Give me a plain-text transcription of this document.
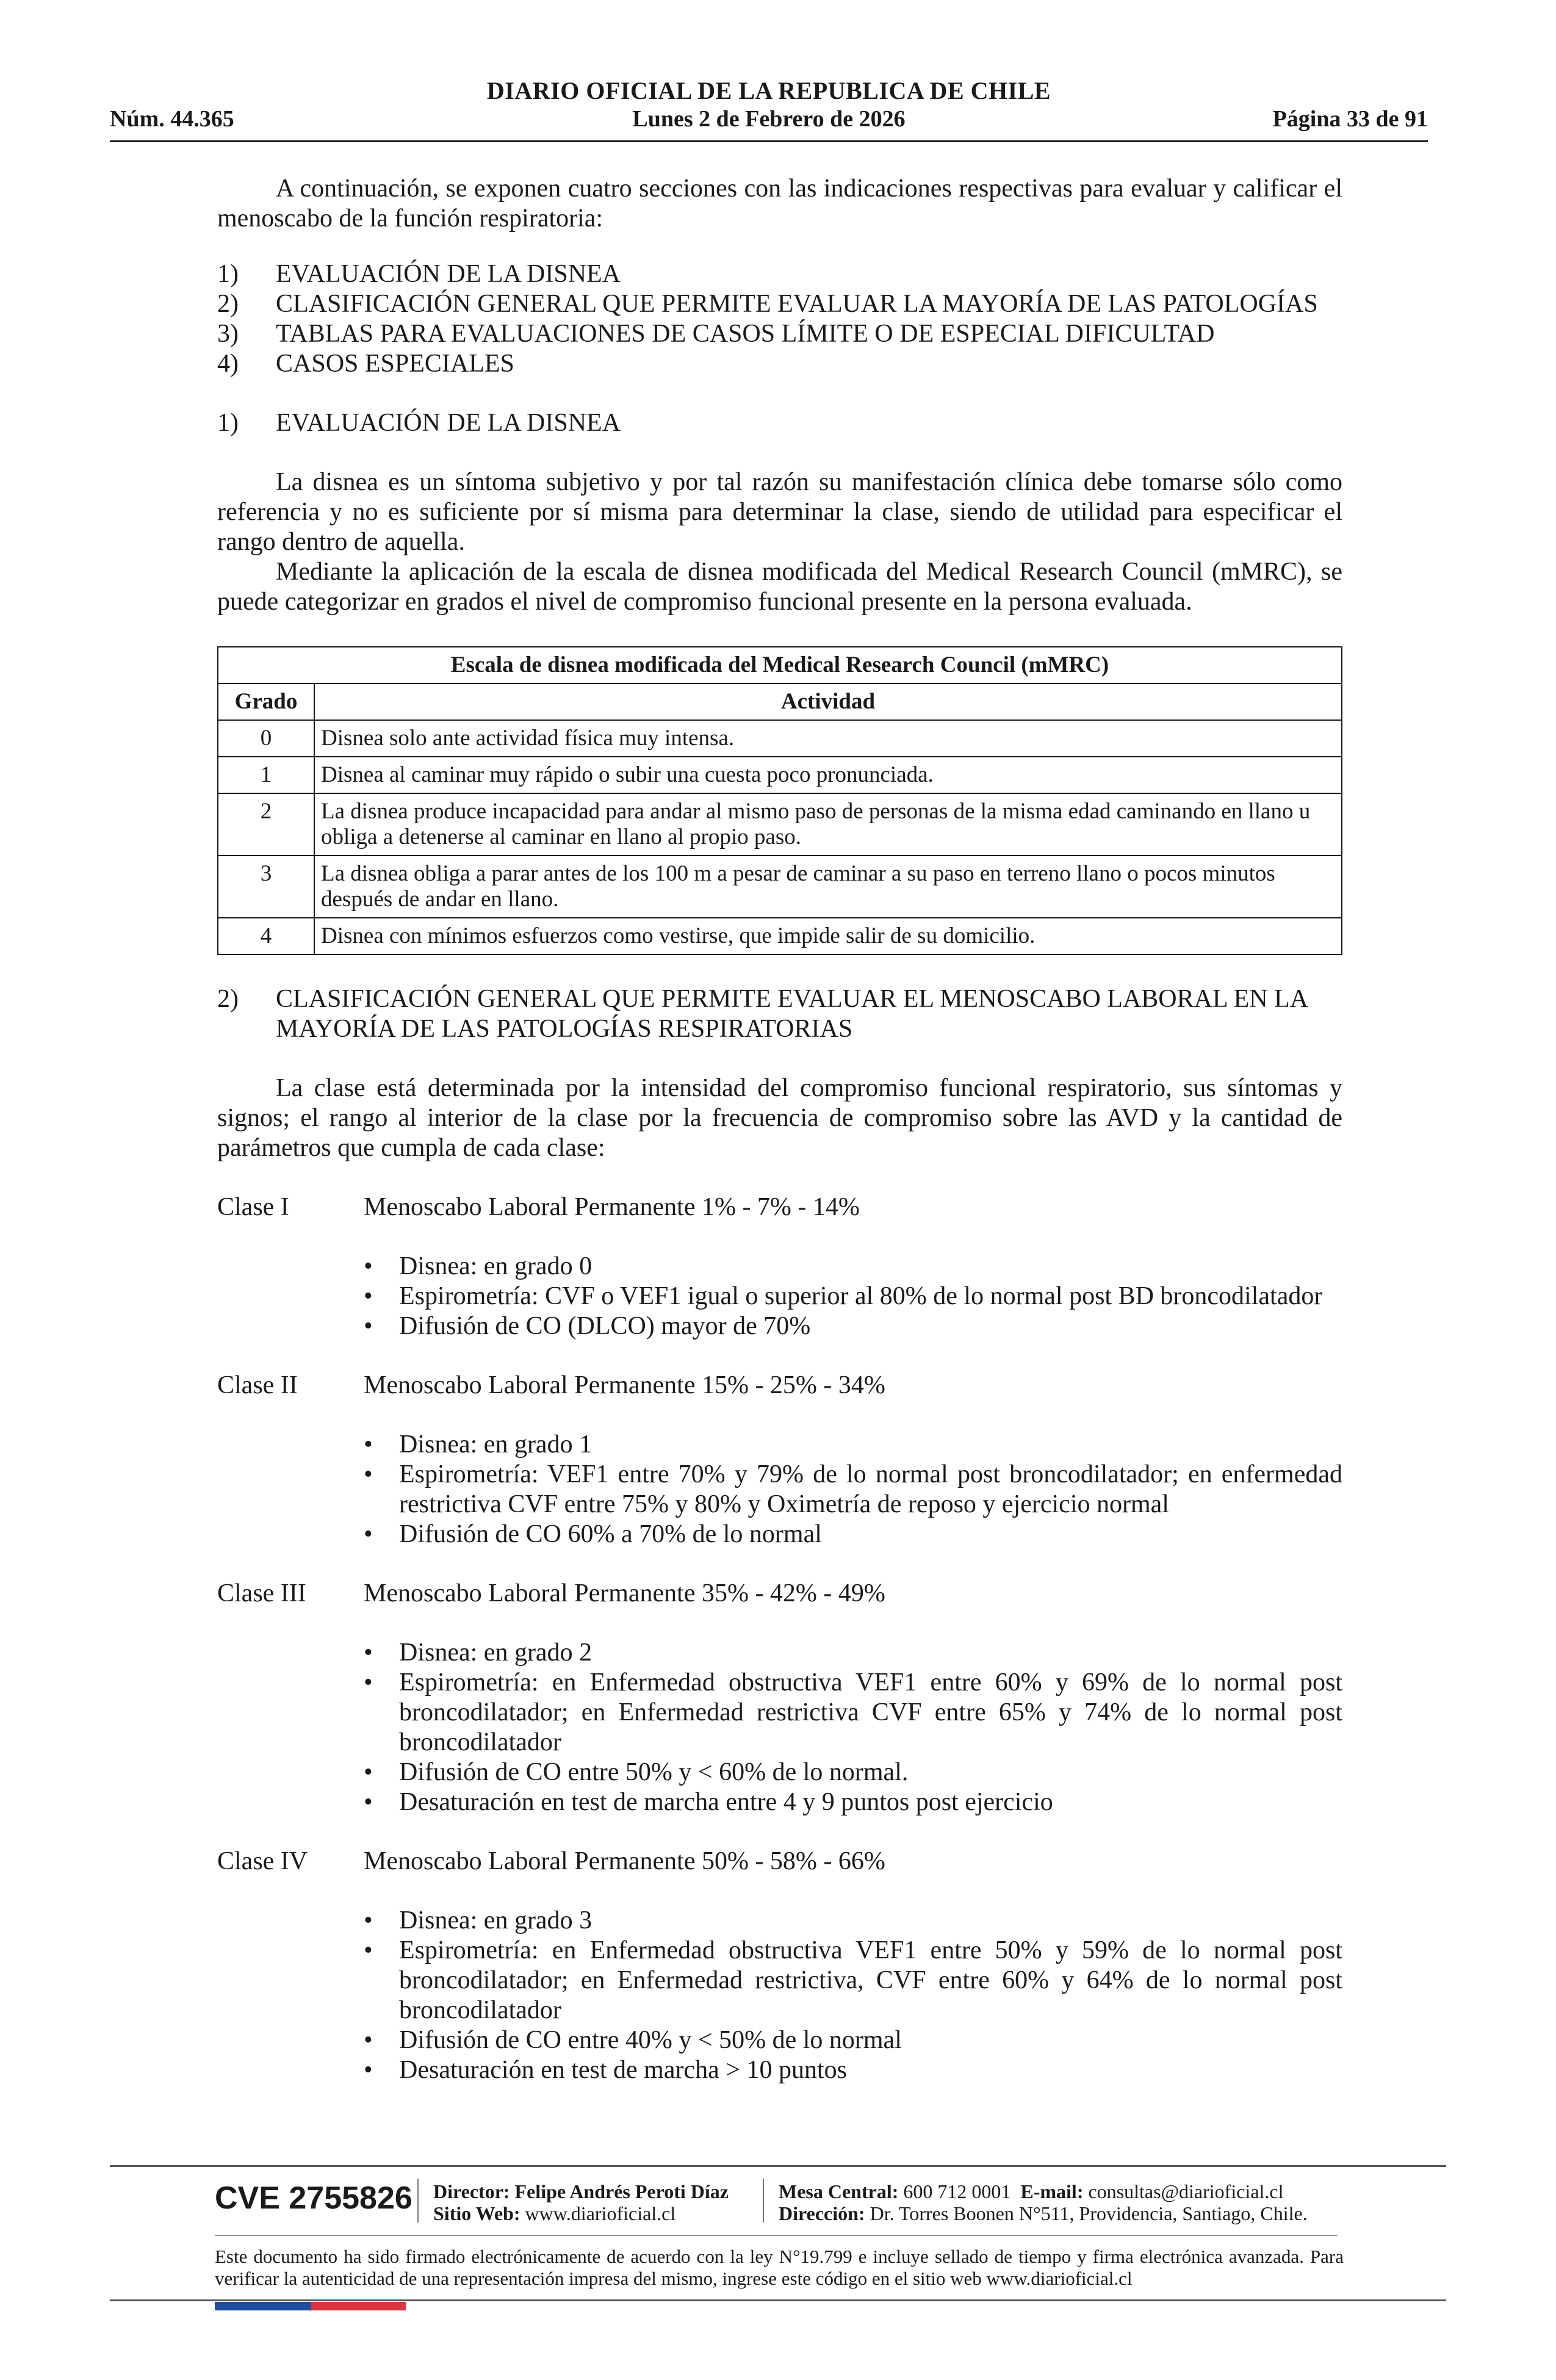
DIARIO OFICIAL DE LA REPUBLICA DE CHILE
Núm. 44.365	Lunes 2 de Febrero de 2026	Página 33 de 91

A continuación, se exponen cuatro secciones con las indicaciones respectivas para evaluar y calificar el menoscabo de la función respiratoria:

1)	EVALUACIÓN DE LA DISNEA
2)	CLASIFICACIÓN GENERAL QUE PERMITE EVALUAR LA MAYORÍA DE LAS PATOLOGÍAS
3)	TABLAS PARA EVALUACIONES DE CASOS LÍMITE O DE ESPECIAL DIFICULTAD
4)	CASOS ESPECIALES
1)	EVALUACIÓN DE LA DISNEA

La disnea es un síntoma subjetivo y por tal razón su manifestación clínica debe tomarse sólo como referencia y no es suficiente por sí misma para determinar la clase, siendo de utilidad para especificar el rango dentro de aquella.

Mediante la aplicación de la escala de disnea modificada del Medical Research Council (mMRC), se puede categorizar en grados el nivel de compromiso funcional presente en la persona evaluada.

Escala de disnea modificada del Medical Research Council (mMRC)	
Grado	Actividad
0	Disnea solo ante actividad física muy intensa.
1	Disnea al caminar muy rápido o subir una cuesta poco pronunciada.
2	La disnea produce incapacidad para andar al mismo paso de personas de la misma edad caminando en llano u obliga a detenerse al caminar en llano al propio paso.
3	La disnea obliga a parar antes de los 100 m a pesar de caminar a su paso en terreno llano o pocos minutos después de andar en llano.
4	Disnea con mínimos esfuerzos como vestirse, que impide salir de su domicilio.
2)	CLASIFICACIÓN GENERAL QUE PERMITE EVALUAR EL MENOSCABO LABORAL EN LA MAYORÍA DE LAS PATOLOGÍAS RESPIRATORIAS

La clase está determinada por la intensidad del compromiso funcional respiratorio, sus síntomas y signos; el rango al interior de la clase por la frecuencia de compromiso sobre las AVD y la cantidad de parámetros que cumpla de cada clase:

Clase I	Menoscabo Laboral Permanente 1% - 7% - 14%
•	Disnea: en grado 0
•	Espirometría: CVF o VEF1 igual o superior al 80% de lo normal post BD broncodilatador
•	Difusión de CO (DLCO) mayor de 70%
Clase II	Menoscabo Laboral Permanente 15% - 25% - 34%
•	Disnea: en grado 1
•	Espirometría: VEF1 entre 70% y 79% de lo normal post broncodilatador; en enfermedad restrictiva CVF entre 75% y 80% y Oximetría de reposo y ejercicio normal
•	Difusión de CO 60% a 70% de lo normal
Clase III	Menoscabo Laboral Permanente 35% - 42% - 49%
•	Disnea: en grado 2
•	Espirometría: en Enfermedad obstructiva VEF1 entre 60% y 69% de lo normal post broncodilatador; en Enfermedad restrictiva CVF entre 65% y 74% de lo normal post broncodilatador
•	Difusión de CO entre 50% y < 60% de lo normal.
•	Desaturación en test de marcha entre 4 y 9 puntos post ejercicio
Clase IV	Menoscabo Laboral Permanente 50% - 58% - 66%
•	Disnea: en grado 3
•	Espirometría: en Enfermedad obstructiva VEF1 entre 50% y 59% de lo normal post broncodilatador; en Enfermedad restrictiva, CVF entre 60% y 64% de lo normal post broncodilatador
•	Difusión de CO entre 40% y < 50% de lo normal
•	Desaturación en test de marcha > 10 puntos
CVE 2755826 Director: Felipe Andrés Peroti Díaz
Sitio Web: www.diarioficial.cl
Mesa Central: 600 712 0001 E-mail: consultas@diarioficial.cl
Dirección: Dr. Torres Boonen N°511, Providencia, Santiago, Chile.
Este documento ha sido firmado electrónicamente de acuerdo con la ley N°19.799 e incluye sellado de tiempo y firma electrónica avanzada. Para verificar la autenticidad de una representación impresa del mismo, ingrese este código en el sitio web www.diarioficial.cl
